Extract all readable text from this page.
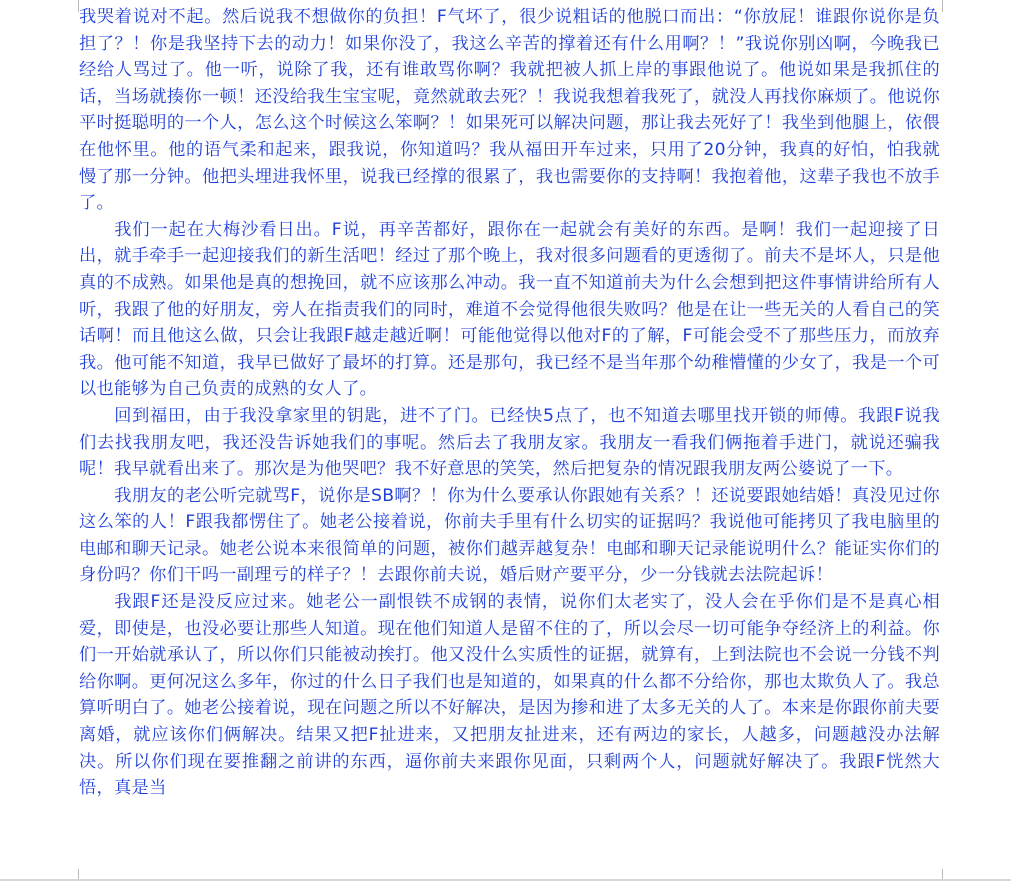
我哭着说对不起。然后说我不想做你的负担！F气坏了，很少说粗话的他脱口而出：“你放屁！谁跟你说你是负担了？！你是我坚持下去的动力！如果你没了，我这么辛苦的撑着还有什么用啊？！”我说你别凶啊，今晚我已经给人骂过了。他一听，说除了我，还有谁敢骂你啊？我就把被人抓上岸的事跟他说了。他说如果是我抓住的话，当场就揍你一顿！还没给我生宝宝呢，竟然就敢去死？！我说我想着我死了，就没人再找你麻烦了。他说你平时挺聪明的一个人，怎么这个时候这么笨啊？！如果死可以解决问题，那让我去死好了！我坐到他腿上，依偎在他怀里。他的语气柔和起来，跟我说，你知道吗？我从福田开车过来，只用了20分钟，我真的好怕，怕我就慢了那一分钟。他把头埋进我怀里，说我已经撑的很累了，我也需要你的支持啊！我抱着他，这辈子我也不放手了。

我们一起在大梅沙看日出。F说，再辛苦都好，跟你在一起就会有美好的东西。是啊！我们一起迎接了日出，就手牵手一起迎接我们的新生活吧！经过了那个晚上，我对很多问题看的更透彻了。前夫不是坏人，只是他真的不成熟。如果他是真的想挽回，就不应该那么冲动。我一直不知道前夫为什么会想到把这件事情讲给所有人听，我跟了他的好朋友，旁人在指责我们的同时，难道不会觉得他很失败吗？他是在让一些无关的人看自己的笑话啊！而且他这么做，只会让我跟F越走越近啊！可能他觉得以他对F的了解，F可能会受不了那些压力，而放弃我。他可能不知道，我早已做好了最坏的打算。还是那句，我已经不是当年那个幼稚懵懂的少女了，我是一个可以也能够为自己负责的成熟的女人了。

回到福田，由于我没拿家里的钥匙，进不了门。已经快5点了，也不知道去哪里找开锁的师傅。我跟F说我们去找我朋友吧，我还没告诉她我们的事呢。然后去了我朋友家。我朋友一看我们俩拖着手进门，就说还骗我呢！我早就看出来了。那次是为他哭吧？我不好意思的笑笑，然后把复杂的情况跟我朋友两公婆说了一下。

我朋友的老公听完就骂F，说你是SB啊？！你为什么要承认你跟她有关系？！还说要跟她结婚！真没见过你这么笨的人！F跟我都愣住了。她老公接着说，你前夫手里有什么切实的证据吗？我说他可能拷贝了我电脑里的电邮和聊天记录。她老公说本来很简单的问题，被你们越弄越复杂！电邮和聊天记录能说明什么？能证实你们的身份吗？你们干吗一副理亏的样子？！去跟你前夫说，婚后财产要平分，少一分钱就去法院起诉！

我跟F还是没反应过来。她老公一副恨铁不成钢的表情，说你们太老实了，没人会在乎你们是不是真心相爱，即使是，也没必要让那些人知道。现在他们知道人是留不住的了，所以会尽一切可能争夺经济上的利益。你们一开始就承认了，所以你们只能被动挨打。他又没什么实质性的证据，就算有，上到法院也不会说一分钱不判给你啊。更何况这么多年，你过的什么日子我们也是知道的，如果真的什么都不分给你，那也太欺负人了。我总算听明白了。她老公接着说，现在问题之所以不好解决，是因为掺和进了太多无关的人了。本来是你跟你前夫要离婚，就应该你们俩解决。结果又把F扯进来，又把朋友扯进来，还有两边的家长，人越多，问题越没办法解决。所以你们现在要推翻之前讲的东西，逼你前夫来跟你见面，只剩两个人，问题就好解决了。我跟F恍然大悟，真是当
